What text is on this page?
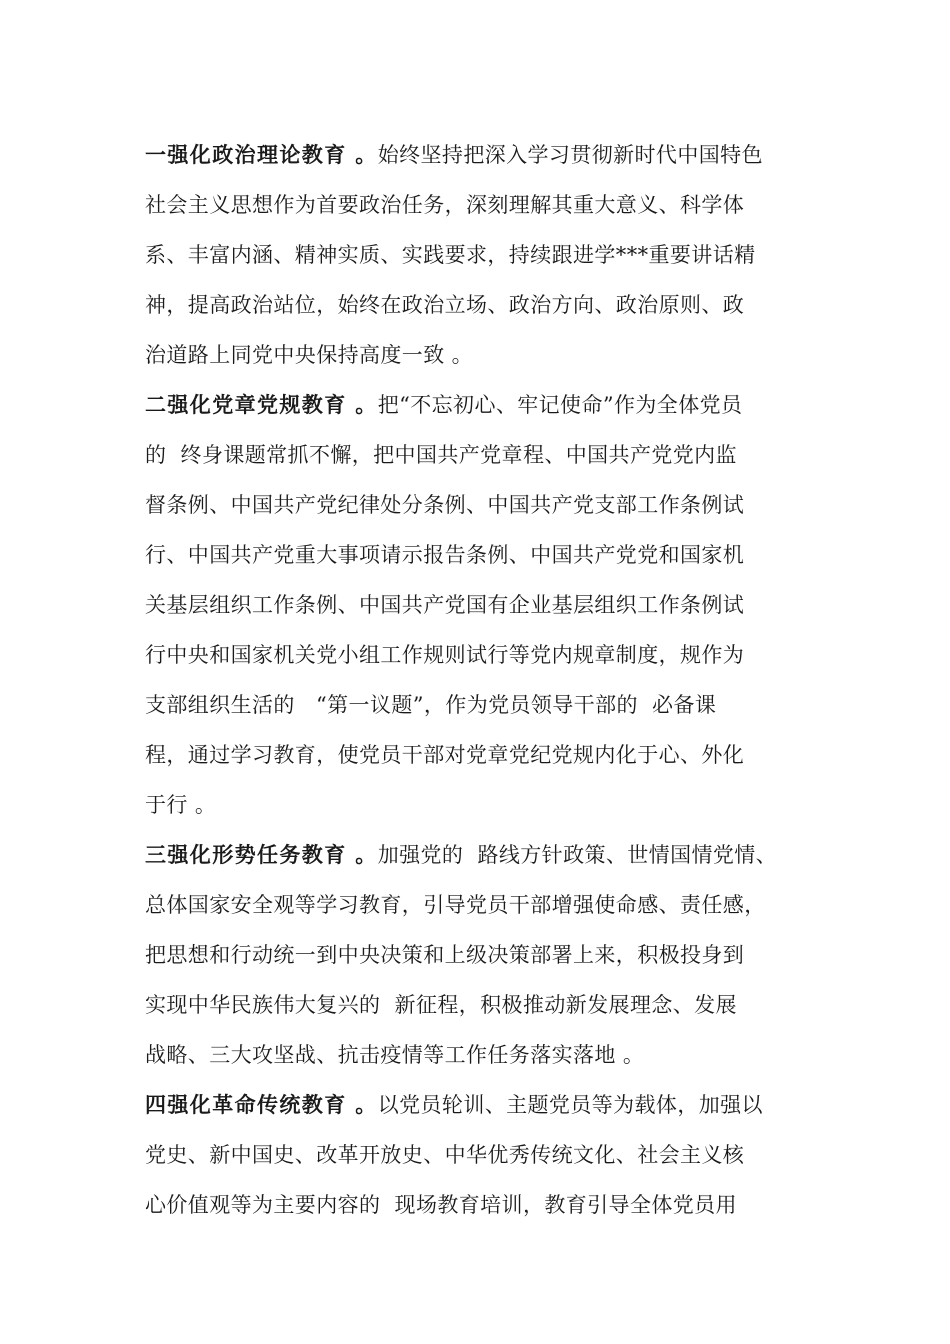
一强化政治理论教育 。始终坚持把深入学习贯彻新时代中国特色
社会主义思想作为首要政治任务，深刻理解其重大意义、科学体
系、丰富内涵、精神实质、实践要求，持续跟进学***重要讲话精
神，提高政治站位，始终在政治立场、政治方向、政治原则、政
治道路上同党中央保持高度一致 。
二强化党章党规教育 。把“不忘初心、牢记使命”作为全体党员
的  终身课题常抓不懈，把中国共产党章程、中国共产党党内监
督条例、中国共产党纪律处分条例、中国共产党支部工作条例试
行、中国共产党重大事项请示报告条例、中国共产党党和国家机
关基层组织工作条例、中国共产党国有企业基层组织工作条例试
行中央和国家机关党小组工作规则试行等党内规章制度，规作为
支部组织生活的   “第一议题”，作为党员领导干部的  必备课
程，通过学习教育，使党员干部对党章党纪党规内化于心、外化
于行 。
三强化形势任务教育 。加强党的  路线方针政策、世情国情党情、
总体国家安全观等学习教育，引导党员干部增强使命感、责任感，
把思想和行动统一到中央决策和上级决策部署上来，积极投身到
实现中华民族伟大复兴的  新征程，积极推动新发展理念、发展
战略、三大攻坚战、抗击疫情等工作任务落实落地 。
四强化革命传统教育 。以党员轮训、主题党员等为载体，加强以
党史、新中国史、改革开放史、中华优秀传统文化、社会主义核
心价值观等为主要内容的  现场教育培训，教育引导全体党员用
